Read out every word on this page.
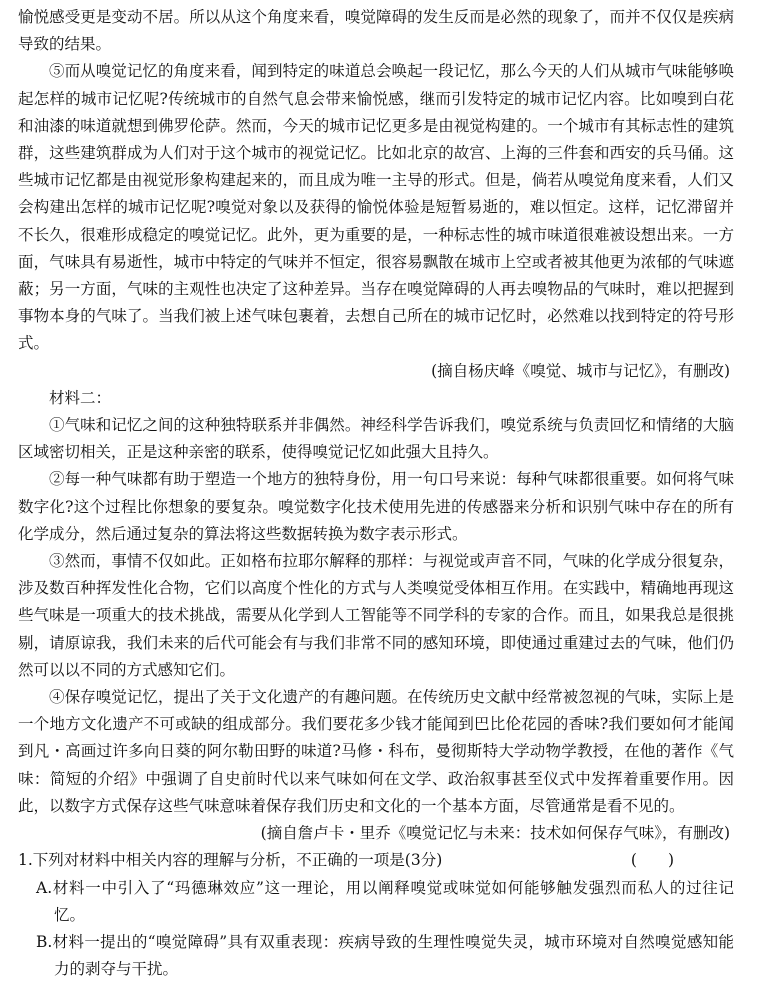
愉悦感受更是变动不居。所以从这个角度来看，嗅觉障碍的发生反而是必然的现象了，而并不仅仅是疾病导致的结果。

⑤而从嗅觉记忆的角度来看，闻到特定的味道总会唤起一段记忆，那么今天的人们从城市气味能够唤起怎样的城市记忆呢?传统城市的自然气息会带来愉悦感，继而引发特定的城市记忆内容。比如嗅到白花和油漆的味道就想到佛罗伦萨。然而，今天的城市记忆更多是由视觉构建的。一个城市有其标志性的建筑群，这些建筑群成为人们对于这个城市的视觉记忆。比如北京的故宫、上海的三件套和西安的兵马俑。这些城市记忆都是由视觉形象构建起来的，而且成为唯一主导的形式。但是，倘若从嗅觉角度来看，人们又会构建出怎样的城市记忆呢?嗅觉对象以及获得的愉悦体验是短暂易逝的，难以恒定。这样，记忆滞留并不长久，很难形成稳定的嗅觉记忆。此外，更为重要的是，一种标志性的城市味道很难被设想出来。一方面，气味具有易逝性，城市中特定的气味并不恒定，很容易飘散在城市上空或者被其他更为浓郁的气味遮蔽；另一方面，气味的主观性也决定了这种差异。当存在嗅觉障碍的人再去嗅物品的气味时，难以把握到事物本身的气味了。当我们被上述气味包裹着，去想自己所在的城市记忆时，必然难以找到特定的符号形式。

(摘自杨庆峰《嗅觉、城市与记忆》，有删改)

材料二：

①气味和记忆之间的这种独特联系并非偶然。神经科学告诉我们，嗅觉系统与负责回忆和情绪的大脑区域密切相关，正是这种亲密的联系，使得嗅觉记忆如此强大且持久。

②每一种气味都有助于塑造一个地方的独特身份，用一句口号来说：每种气味都很重要。如何将气味数字化?这个过程比你想象的要复杂。嗅觉数字化技术使用先进的传感器来分析和识别气味中存在的所有化学成分，然后通过复杂的算法将这些数据转换为数字表示形式。

③然而，事情不仅如此。正如格布拉耶尔解释的那样：与视觉或声音不同，气味的化学成分很复杂，涉及数百种挥发性化合物，它们以高度个性化的方式与人类嗅觉受体相互作用。在实践中，精确地再现这些气味是一项重大的技术挑战，需要从化学到人工智能等不同学科的专家的合作。而且，如果我总是很挑剔，请原谅我，我们未来的后代可能会有与我们非常不同的感知环境，即使通过重建过去的气味，他们仍然可以以不同的方式感知它们。

④保存嗅觉记忆，提出了关于文化遗产的有趣问题。在传统历史文献中经常被忽视的气味，实际上是一个地方文化遗产不可或缺的组成部分。我们要花多少钱才能闻到巴比伦花园的香味?我们要如何才能闻到凡・高画过许多向日葵的阿尔勒田野的味道?马修・科布，曼彻斯特大学动物学教授，在他的著作《气味：简短的介绍》中强调了自史前时代以来气味如何在文学、政治叙事甚至仪式中发挥着重要作用。因此，以数字方式保存这些气味意味着保存我们历史和文化的一个基本方面，尽管通常是看不见的。

(摘自詹卢卡・里乔《嗅觉记忆与未来：技术如何保存气味》，有删改)

1.下列对材料中相关内容的理解与分析，不正确的一项是(3分)	(　　)

A.材料一中引入了“玛德琳效应”这一理论，用以阐释嗅觉或味觉如何能够触发强烈而私人的过往记忆。

B.材料一提出的“嗅觉障碍”具有双重表现：疾病导致的生理性嗅觉失灵，城市环境对自然嗅觉感知能力的剥夺与干扰。
